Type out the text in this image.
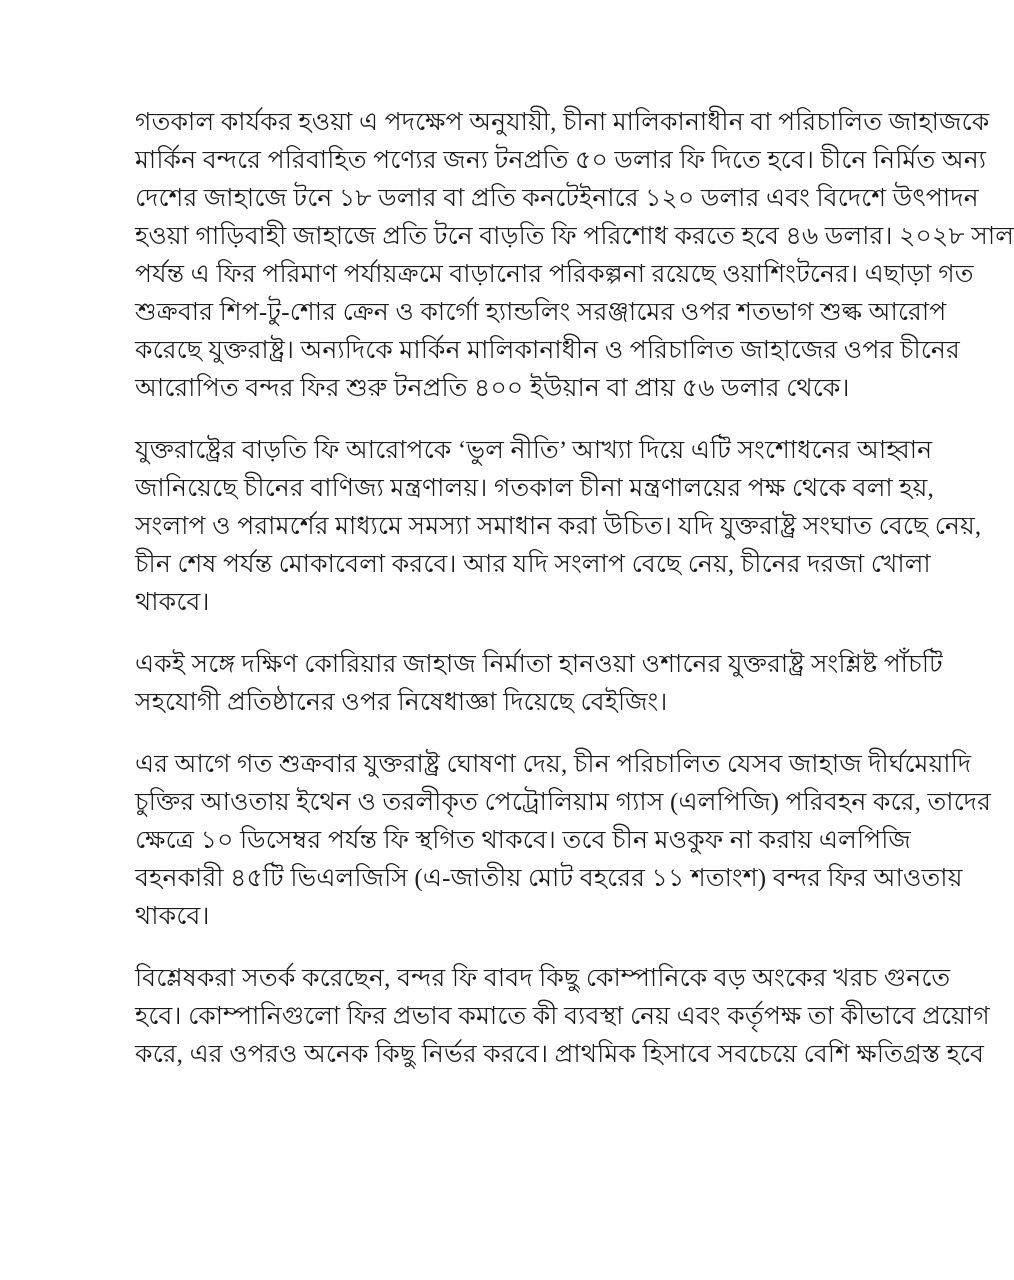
গতকাল কার্যকর হওয়া এ পদক্ষেপ অনুযায়ী, চীনা মালিকানাধীন বা পরিচালিত জাহাজকে
মার্কিন বন্দরে পরিবাহিত পণ্যের জন্য টনপ্রতি ৫০ ডলার ফি দিতে হবে। চীনে নির্মিত অন্য
দেশের জাহাজে টনে ১৮ ডলার বা প্রতি কনটেইনারে ১২০ ডলার এবং বিদেশে উৎপাদন
হওয়া গাড়িবাহী জাহাজে প্রতি টনে বাড়তি ফি পরিশোধ করতে হবে ৪৬ ডলার। ২০২৮ সাল
পর্যন্ত এ ফির পরিমাণ পর্যায়ক্রমে বাড়ানোর পরিকল্পনা রয়েছে ওয়াশিংটনের। এছাড়া গত
শুক্রবার শিপ-টু-শোর ক্রেন ও কার্গো হ্যান্ডলিং সরঞ্জামের ওপর শতভাগ শুল্ক আরোপ
করেছে যুক্তরাষ্ট্র। অন্যদিকে মার্কিন মালিকানাধীন ও পরিচালিত জাহাজের ওপর চীনের
আরোপিত বন্দর ফির শুরু টনপ্রতি ৪০০ ইউয়ান বা প্রায় ৫৬ ডলার থেকে।

যুক্তরাষ্ট্রের বাড়তি ফি আরোপকে ‘ভুল নীতি’ আখ্যা দিয়ে এটি সংশোধনের আহ্বান
জানিয়েছে চীনের বাণিজ্য মন্ত্রণালয়। গতকাল চীনা মন্ত্রণালয়ের পক্ষ থেকে বলা হয়,
সংলাপ ও পরামর্শের মাধ্যমে সমস্যা সমাধান করা উচিত। যদি যুক্তরাষ্ট্র সংঘাত বেছে নেয়,
চীন শেষ পর্যন্ত মোকাবেলা করবে। আর যদি সংলাপ বেছে নেয়, চীনের দরজা খোলা
থাকবে।

একই সঙ্গে দক্ষিণ কোরিয়ার জাহাজ নির্মাতা হানওয়া ওশানের যুক্তরাষ্ট্র সংশ্লিষ্ট পাঁচটি
সহযোগী প্রতিষ্ঠানের ওপর নিষেধাজ্ঞা দিয়েছে বেইজিং।

এর আগে গত শুক্রবার যুক্তরাষ্ট্র ঘোষণা দেয়, চীন পরিচালিত যেসব জাহাজ দীর্ঘমেয়াদি
চুক্তির আওতায় ইথেন ও তরলীকৃত পেট্রোলিয়াম গ্যাস (এলপিজি) পরিবহন করে, তাদের
ক্ষেত্রে ১০ ডিসেম্বর পর্যন্ত ফি স্থগিত থাকবে। তবে চীন মওকুফ না করায় এলপিজি
বহনকারী ৪৫টি ভিএলজিসি (এ-জাতীয় মোট বহরের ১১ শতাংশ) বন্দর ফির আওতায়
থাকবে।

বিশ্লেষকরা সতর্ক করেছেন, বন্দর ফি বাবদ কিছু কোম্পানিকে বড় অংকের খরচ গুনতে
হবে। কোম্পানিগুলো ফির প্রভাব কমাতে কী ব্যবস্থা নেয় এবং কর্তৃপক্ষ তা কীভাবে প্রয়োগ
করে, এর ওপরও অনেক কিছু নির্ভর করবে। প্রাথমিক হিসাবে সবচেয়ে বেশি ক্ষতিগ্রস্ত হবে
